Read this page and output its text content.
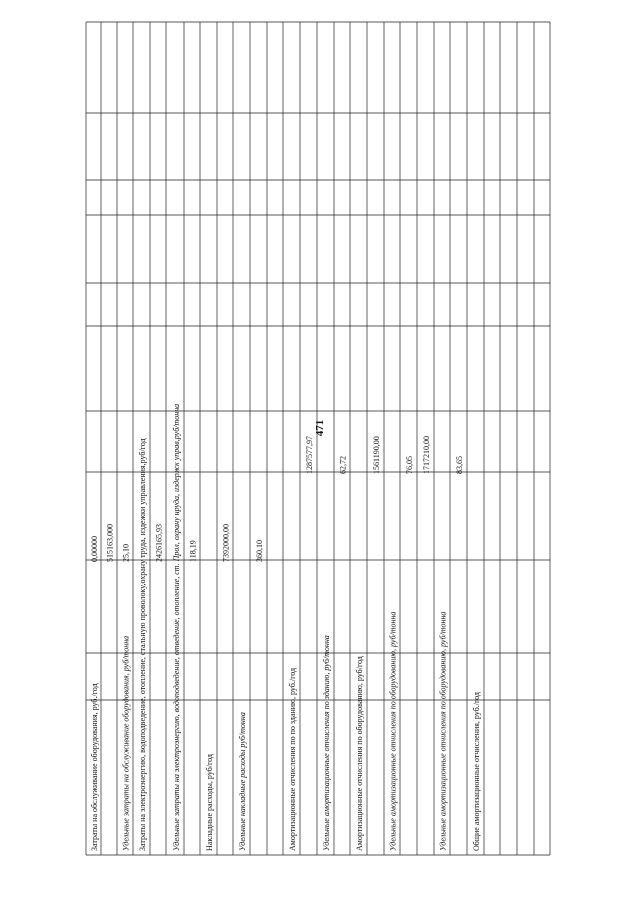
471
Затраты на обслуживание оборудования, руб./год
0,00000 515163,000
Удельные затраты на обслуживание оборудования, руб/тонна
25,10 Затраты на электроэнергию, водоподведение, отопление, стальную проволоку,охрану труда, издежки управления,руб/год 2426165,93 Удельные затраты на электроэнергию, водоподведение, отведение, отопление, ст. Прол, охрану нруда, издержк управ,руб/тонна 118,19
Накладные расходы, руб/год
7392000,00
Удельные накладные расходы руб/тонна
360,10
Амортизационные отчисления по по зданию, руб./год
1287577,97
Удельные амортизационные отчисления по зданию, руб/тонна
62,72
Амортизационные отчисления по оборудованию, руб/год
1561190,00
Удельные амортизационные отчисления по оборудованию, руб/тонна
76,05 1717210,00
Удельные амортизационные отчисления по оборудованию, руб/тонна
83,65
Общие амортизационные отчисления, руб./год
